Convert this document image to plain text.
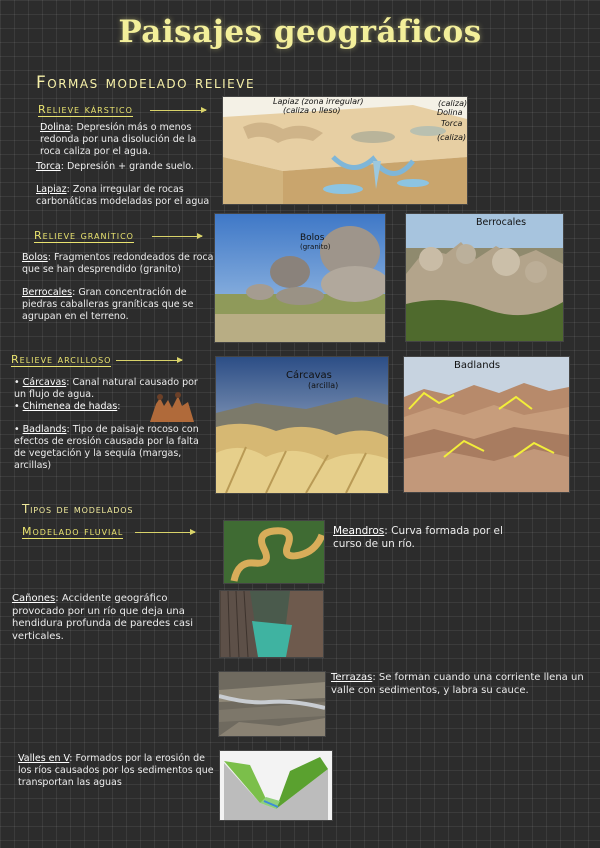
Paisajes geográficos
Formas modelado relieve
Relieve kárstico
Dolina: Depresión más o menos redonda por una disolución de la roca caliza por el agua.
Torca: Depresión + grande suelo.
Lapiaz: Zona irregular de rocas carbonáticas modeladas por el agua
Lapiaz (zona irregular)
(caliza o lleso)
(caliza)
Dolina
Torca
(caliza)
Relieve granítico
Bolos: Fragmentos redondeados de roca que se han desprendido (granito)
Berrocales: Gran concentración de piedras caballeras graníticas que se agrupan en el terreno.
Bolos
(granito)
Berrocales
Relieve arcilloso
• Cárcavas: Canal natural causado por un flujo de agua.
• Chimenea de hadas:
• Badlands: Tipo de paisaje rocoso con efectos de erosión causada por la falta de vegetación y la sequía (margas, arcillas)
Cárcavas
(arcilla)
Badlands
Tipos de modelados
Modelado fluvial	Meandros: Curva formada por el curso de un río.
Cañones: Accidente geográfico provocado por un río que deja una hendidura profunda de paredes casi verticales.
Terrazas: Se forman cuando una corriente llena un valle con sedimentos, y labra su cauce.
Valles en V: Formados por la erosión de los ríos causados por los sedimentos que transportan las aguas
